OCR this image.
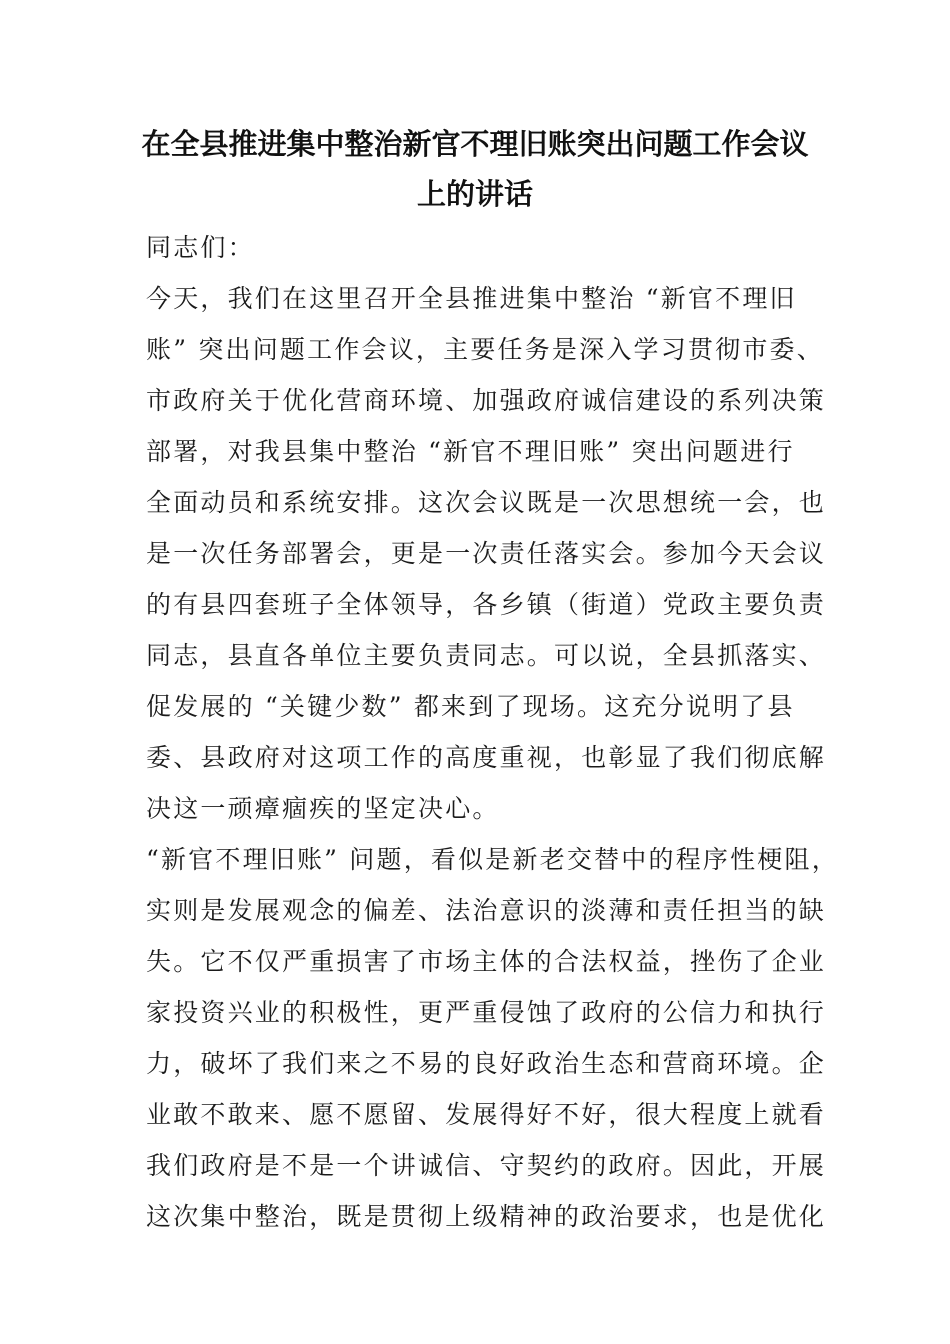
在全县推进集中整治新官不理旧账突出问题工作会议
上的讲话

同志们：

今天，我们在这里召开全县推进集中整治 “新官不理旧

账” 突出问题工作会议，主要任务是深入学习贯彻市委、

市政府关于优化营商环境、加强政府诚信建设的系列决策

部署，对我县集中整治 “新官不理旧账” 突出问题进行

全面动员和系统安排。这次会议既是一次思想统一会，也

是一次任务部署会，更是一次责任落实会。参加今天会议

的有县四套班子全体领导，各乡镇（街道）党政主要负责

同志，县直各单位主要负责同志。可以说，全县抓落实、

促发展的 “关键少数” 都来到了现场。这充分说明了县

委、县政府对这项工作的高度重视，也彰显了我们彻底解

决这一顽瘴痼疾的坚定决心。

“新官不理旧账” 问题，看似是新老交替中的程序性梗阻，

实则是发展观念的偏差、法治意识的淡薄和责任担当的缺

失。它不仅严重损害了市场主体的合法权益，挫伤了企业

家投资兴业的积极性，更严重侵蚀了政府的公信力和执行

力，破坏了我们来之不易的良好政治生态和营商环境。企

业敢不敢来、愿不愿留、发展得好不好，很大程度上就看

我们政府是不是一个讲诚信、守契约的政府。因此，开展

这次集中整治，既是贯彻上级精神的政治要求，也是优化
